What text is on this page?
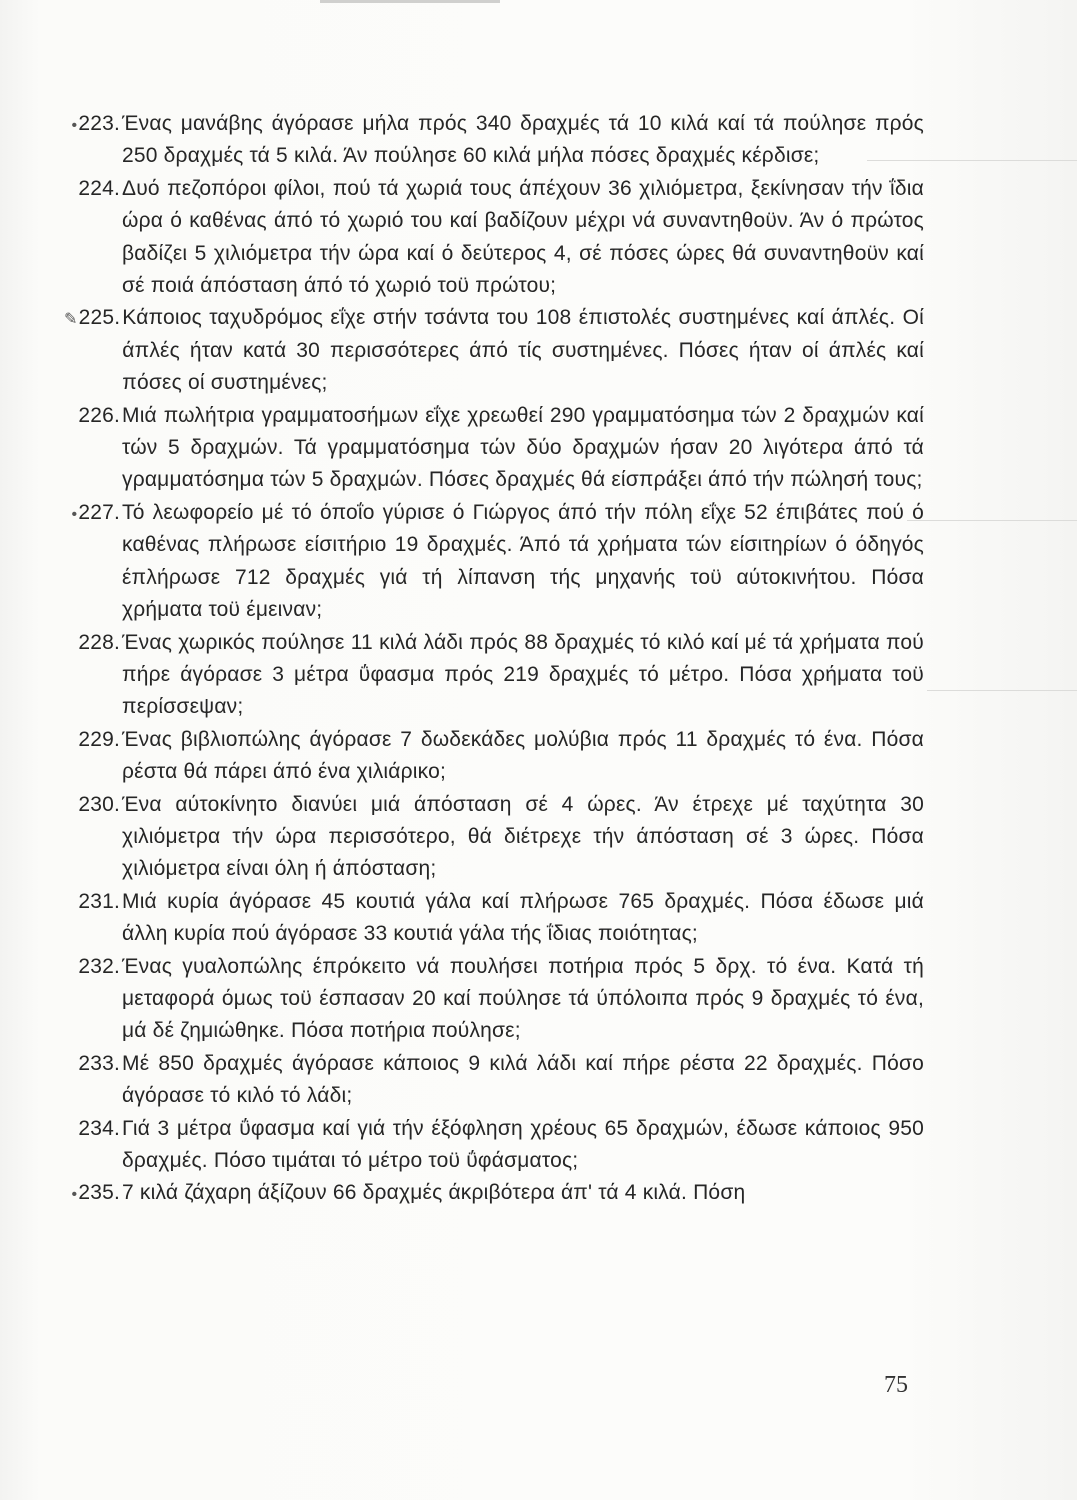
•223. Ένας μανάβης άγόρασε μήλα πρός 340 δραχμές τά 10 κιλά καί τά πούλησε πρός 250 δραχμές τά 5 κιλά. Άν πούλησε 60 κιλά μήλα πόσες δραχμές κέρδισε;
224. Δυό πεζοπόροι φίλοι, πού τά χωριά τους άπέχουν 36 χιλιόμετρα, ξεκίνησαν τήν ΐδια ώρα ό καθένας άπό τό χωριό του καί βαδίζουν μέχρι νά συναντηθοϋν. Άν ό πρώτος βαδίζει 5 χιλιόμετρα τήν ώρα καί ό δεύτερος 4, σέ πόσες ώρες θά συναντηθοϋν καί σέ ποιά άπόσταση άπό τό χωριό τοϋ πρώτου;
✎225. Κάποιος ταχυδρόμος εΐχε στήν τσάντα του 108 έπιστολές συστημένες καί άπλές. Οί άπλές ήταν κατά 30 περισσότερες άπό τίς συστημένες. Πόσες ήταν οί άπλές καί πόσες οί συστημένες;
226. Μιά πωλήτρια γραμματοσήμων εΐχε χρεωθεί 290 γραμματόσημα τών 2 δραχμών καί τών 5 δραχμών. Τά γραμματόσημα τών δύο δραχμών ήσαν 20 λιγότερα άπό τά γραμματόσημα τών 5 δραχμών. Πόσες δραχμές θά είσπράξει άπό τήν πώλησή τους;
•227. Τό λεωφορείο μέ τό όποΐο γύρισε ό Γιώργος άπό τήν πόλη εΐχε 52 έπιβάτες πού ό καθένας πλήρωσε είσιτήριο 19 δραχμές. Άπό τά χρήματα τών είσιτηρίων ό όδηγός έπλήρωσε 712 δραχμές γιά τή λίπανση τής μηχανής τοϋ αύτοκινήτου. Πόσα χρήματα τοϋ έμειναν;
228. Ένας χωρικός πούλησε 11 κιλά λάδι πρός 88 δραχμές τό κιλό καί μέ τά χρήματα πού πήρε άγόρασε 3 μέτρα ΰφασμα πρός 219 δραχμές τό μέτρο. Πόσα χρήματα τοϋ περίσσεψαν;
229. Ένας βιβλιοπώλης άγόρασε 7 δωδεκάδες μολύβια πρός 11 δραχμές τό ένα. Πόσα ρέστα θά πάρει άπό ένα χιλιάρικο;
230. Ένα αύτοκίνητο διανύει μιά άπόσταση σέ 4 ώρες. Άν έτρεχε μέ ταχύτητα 30 χιλιόμετρα τήν ώρα περισσότερο, θά διέτρεχε τήν άπόσταση σέ 3 ώρες. Πόσα χιλιόμετρα είναι όλη ή άπόσταση;
231. Μιά κυρία άγόρασε 45 κουτιά γάλα καί πλήρωσε 765 δραχμές. Πόσα έδωσε μιά άλλη κυρία πού άγόρασε 33 κουτιά γάλα τής ΐδιας ποιότητας;
232. Ένας γυαλοπώλης έπρόκειτο νά πουλήσει ποτήρια πρός 5 δρχ. τό ένα. Κατά τή μεταφορά όμως τοϋ έσπασαν 20 καί πούλησε τά ύπόλοιπα πρός 9 δραχμές τό ένα, μά δέ ζημιώθηκε. Πόσα ποτήρια πούλησε;
233. Μέ 850 δραχμές άγόρασε κάποιος 9 κιλά λάδι καί πήρε ρέστα 22 δραχμές. Πόσο άγόρασε τό κιλό τό λάδι;
234. Γιά 3 μέτρα ΰφασμα καί γιά τήν έξόφληση χρέους 65 δραχμών, έδωσε κάποιος 950 δραχμές. Πόσο τιμάται τό μέτρο τοϋ ΰφάσματος;
•235. 7 κιλά ζάχαρη άξίζουν 66 δραχμές άκριβότερα άπ' τά 4 κιλά. Πόση
75
